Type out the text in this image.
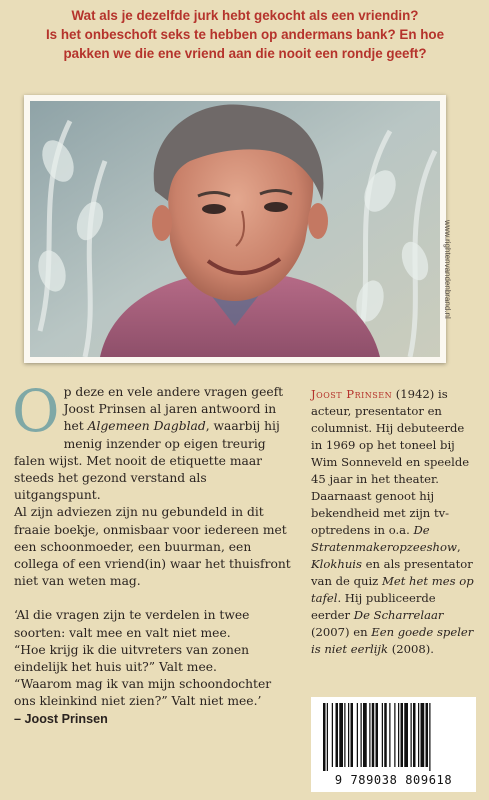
Wat als je dezelfde jurk hebt gekocht als een vriendin?
Is het onbeschoft seks te hebben op andermans bank? En hoe
pakken we die ene vriend aan die nooit een rondje geeft?
www.rightenvandenbrand.nl

Op deze en vele andere vragen geeft Joost Prinsen al jaren antwoord in het Algemeen Dagblad, waarbij hij menig inzender op eigen treurig falen wijst. Met nooit de etiquette maar steeds het gezond verstand als uitgangspunt.

Al zijn adviezen zijn nu gebundeld in dit fraaie boekje, onmisbaar voor iedereen met een schoonmoeder, een buurman, een collega of een vriend(in) waar het thuisfront niet van weten mag.

‘Al die vragen zijn te verdelen in twee soorten: valt mee en valt niet mee.
“Hoe krijg ik die uitvreters van zonen eindelijk het huis uit?” Valt mee.
“Waarom mag ik van mijn schoondochter ons kleinkind niet zien?” Valt niet mee.’
– Joost Prinsen

Joost Prinsen (1942) is acteur, presentator en columnist. Hij debuteerde in 1969 op het toneel bij Wim Sonneveld en speelde 45 jaar in het theater. Daarnaast genoot hij bekendheid met zijn tv-optredens in o.a. De Stratenmakeropzeeshow, Klokhuis en als presentator van de quiz Met het mes op tafel. Hij publiceerde eerder De Scharrelaar (2007) en Een goede speler is niet eerlijk (2008).
9 789038 809618
